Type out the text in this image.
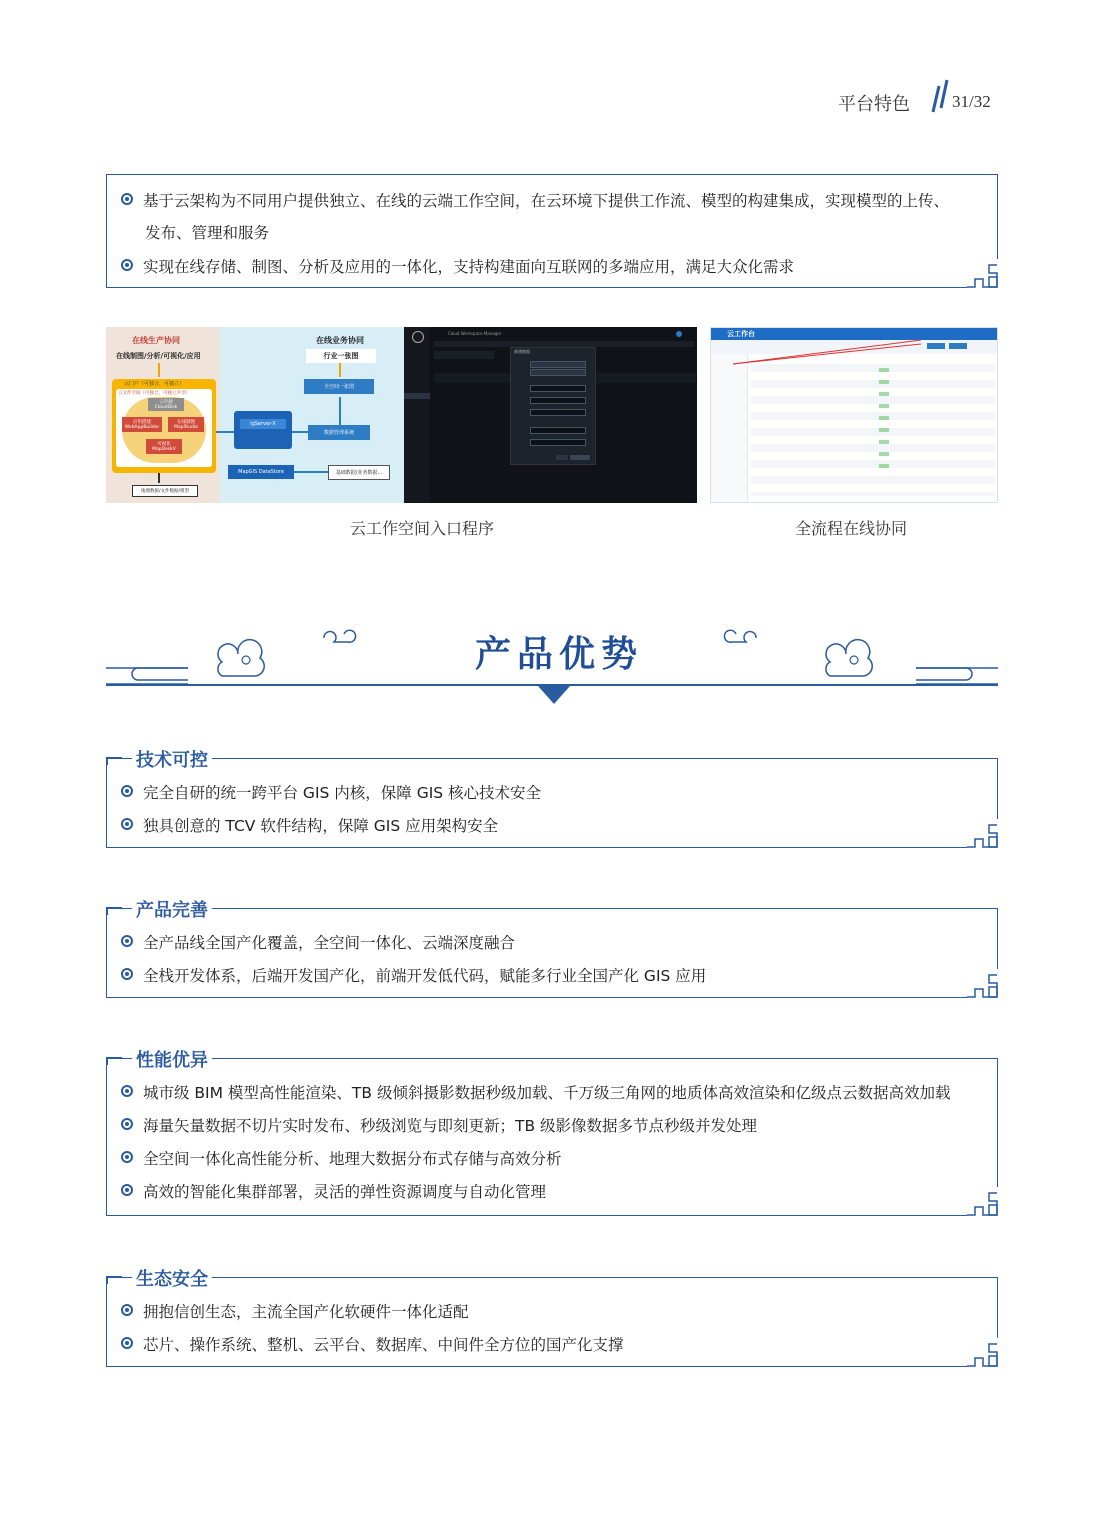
平台特色 31/32
基于云架构为不同用户提供独立、在线的云端工作空间，在云环境下提供工作流、模型的构建集成，实现模型的上传、
发布、管理和服务
实现在线存储、制图、分析及应用的一体化，支持构建面向互联网的多端应用，满足大众化需求
在线生产协同
在线制图/分析/可视化/应用
云门户（可独合，可独立）
云文件空间（可独合，可独立共享）
云存储 CloudDisk
应用搭建 WebAppBuilder
在线制图 MapStudio
可视化 MapDeskV
地理数据/文件数据/模型
在线业务协同
行业一张图
全空间一张图
数据管理系统
igServer-X
MapGIS DataStore	基础数据/业务数据...
Cloud Workspace Manager
新建数据
云工作台
云工作空间入口程序	全流程在线协同
产品优势
完全自研的统一跨平台 GIS 内核，保障 GIS 核心技术安全
独具创意的 TCV 软件结构，保障 GIS 应用架构安全
技术可控
全产品线全国产化覆盖，全空间一体化、云端深度融合
全栈开发体系，后端开发国产化，前端开发低代码，赋能多行业全国产化 GIS 应用
产品完善
城市级 BIM 模型高性能渲染、TB 级倾斜摄影数据秒级加载、千万级三角网的地质体高效渲染和亿级点云数据高效加载
海量矢量数据不切片实时发布、秒级浏览与即刻更新；TB 级影像数据多节点秒级并发处理
全空间一体化高性能分析、地理大数据分布式存储与高效分析
高效的智能化集群部署，灵活的弹性资源调度与自动化管理
性能优异
拥抱信创生态，主流全国产化软硬件一体化适配
芯片、操作系统、整机、云平台、数据库、中间件全方位的国产化支撑
生态安全
